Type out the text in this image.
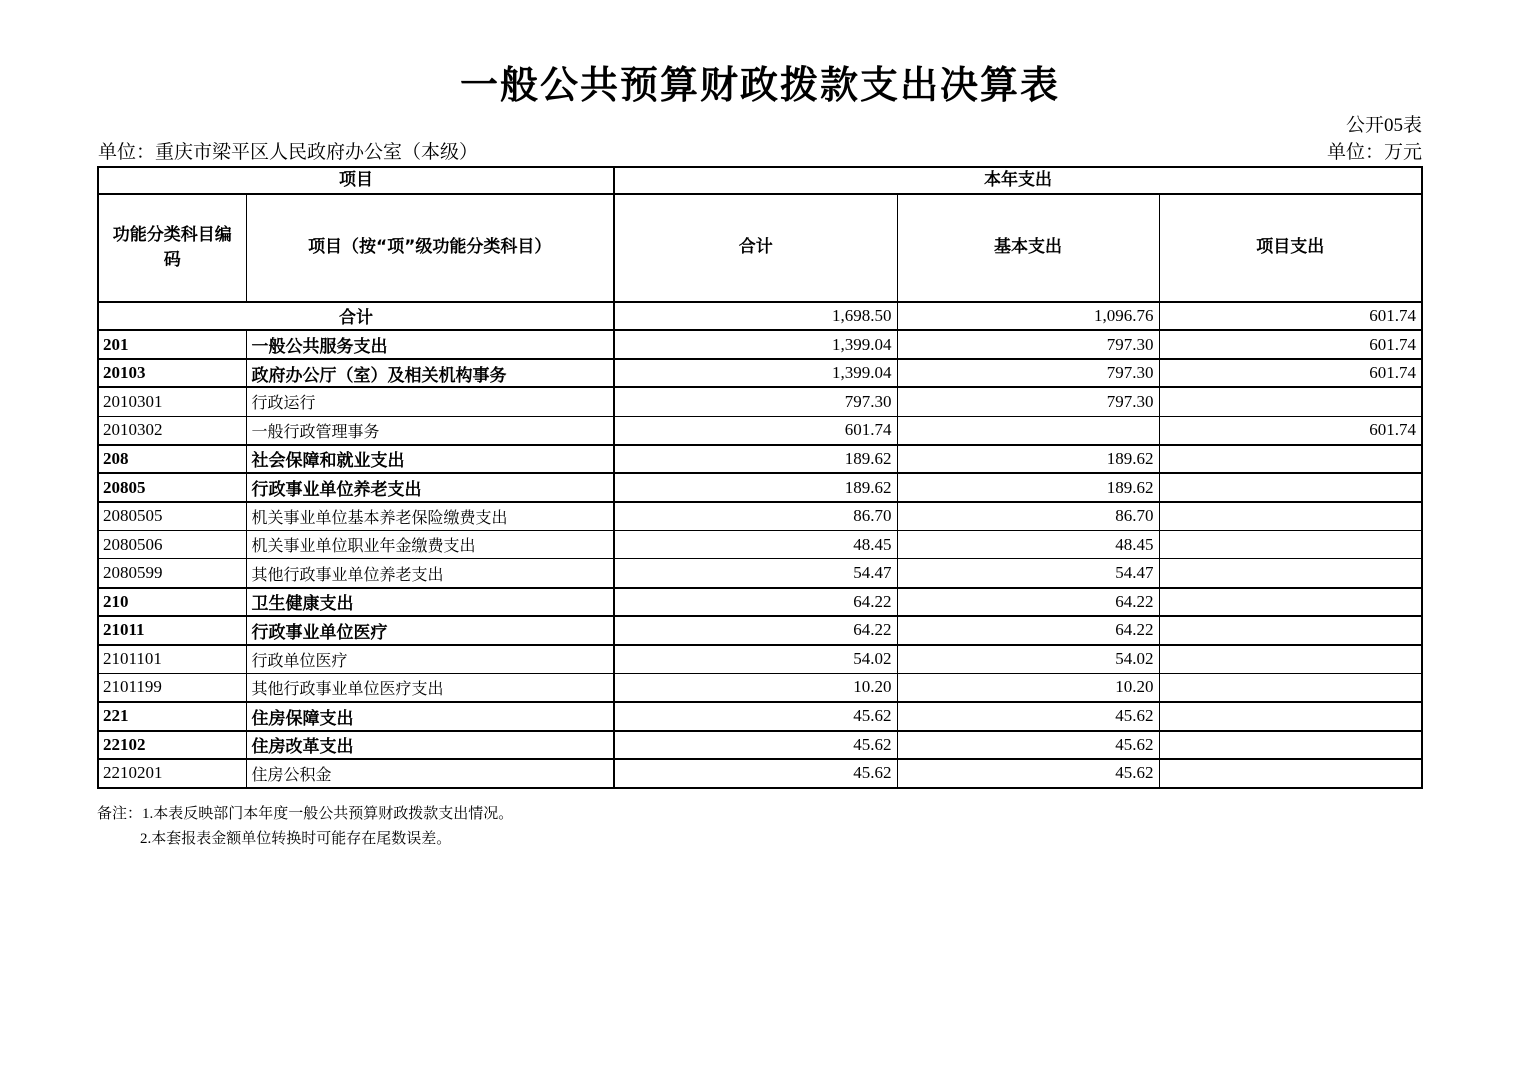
一般公共预算财政拨款支出决算表
公开05表
单位：重庆市梁平区人民政府办公室（本级）	单位：万元
项目		本年支出		
功能分类科目编码	项目（按“项”级功能分类科目）	合计	基本支出	项目支出
合计		1,698.50	1,096.76	601.74
201	一般公共服务支出	1,399.04	797.30	601.74
20103	政府办公厅（室）及相关机构事务	1,399.04	797.30	601.74
2010301	行政运行	797.30	797.30	
2010302	一般行政管理事务	601.74		601.74
208	社会保障和就业支出	189.62	189.62	
20805	行政事业单位养老支出	189.62	189.62	
2080505	机关事业单位基本养老保险缴费支出	86.70	86.70	
2080506	机关事业单位职业年金缴费支出	48.45	48.45	
2080599	其他行政事业单位养老支出	54.47	54.47	
210	卫生健康支出	64.22	64.22	
21011	行政事业单位医疗	64.22	64.22	
2101101	行政单位医疗	54.02	54.02	
2101199	其他行政事业单位医疗支出	10.20	10.20	
221	住房保障支出	45.62	45.62	
22102	住房改革支出	45.62	45.62	
2210201	住房公积金	45.62	45.62	
备注：1.本表反映部门本年度一般公共预算财政拨款支出情况。
2.本套报表金额单位转换时可能存在尾数误差。
